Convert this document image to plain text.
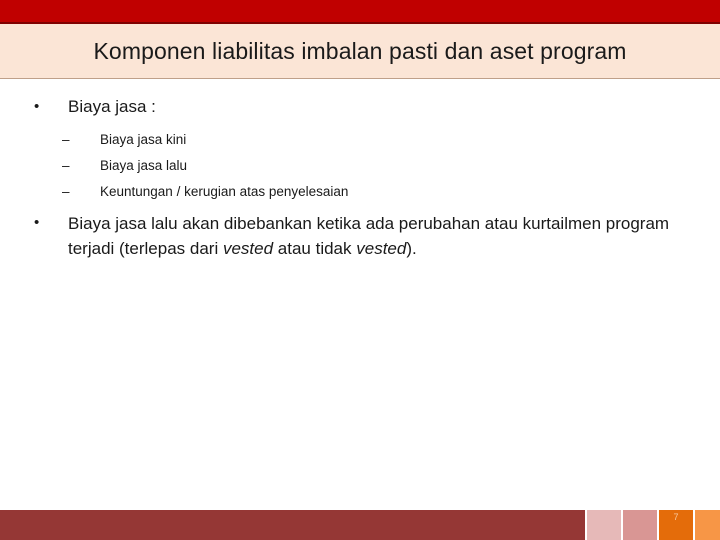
Komponen liabilitas imbalan pasti dan aset program
•	Biaya jasa :
–	Biaya jasa kini
–	Biaya jasa lalu
–	Keuntungan / kerugian atas penyelesaian
•	Biaya jasa lalu akan dibebankan ketika ada perubahan atau kurtailmen program terjadi (terlepas dari vested atau tidak vested).
7
